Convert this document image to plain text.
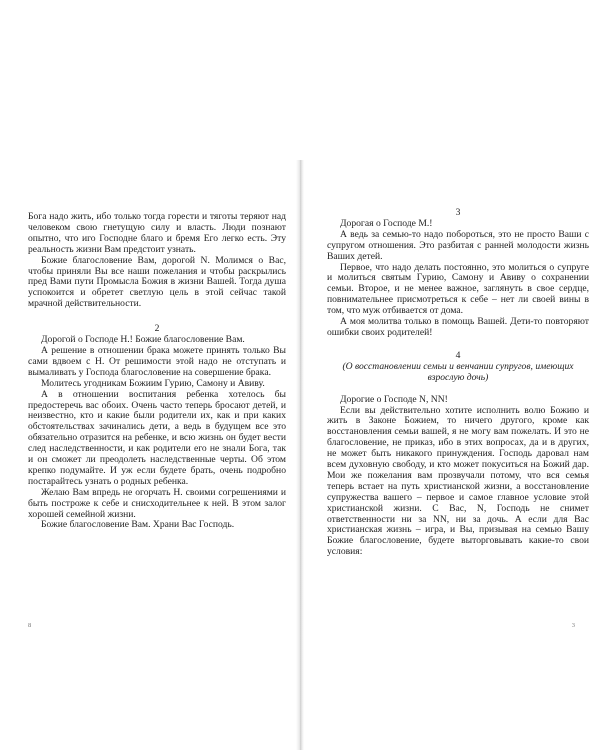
Бога надо жить, ибо только тогда горести и тяготы теряют над человеком свою гнетущую силу и власть. Люди познают опытно, что иго Господне благо и бремя Его легко есть. Эту реальность жизни Вам предстоит узнать.

Божие благословение Вам, дорогой N. Молимся о Вас, чтобы приняли Вы все наши пожелания и чтобы раскрылись пред Вами пути Промысла Божия в жизни Вашей. Тогда душа успокоится и обретет светлую цель в этой сейчас такой мрачной действительности.

2

Дорогой о Господе Н.! Божие благословение Вам.

А решение в отношении брака можете принять только Вы сами вдвоем с Н. От решимости этой надо не отступать и вымаливать у Господа благословение на совершение брака.

Молитесь угодникам Божиим Гурию, Самону и Авиву.

А в отношении воспитания ребенка хотелось бы предостеречь вас обоих. Очень часто теперь бросают детей, и неизвестно, кто и какие были родители их, как и при каких обстоятельствах зачинались дети, а ведь в будущем все это обязательно отразится на ребенке, и всю жизнь он будет вести след наследственности, и как родители его не знали Бога, так и он сможет ли преодолеть наследственные черты. Об этом крепко подумайте. И уж если будете брать, очень подробно постарайтесь узнать о родных ребенка.

Желаю Вам впредь не огорчать Н. своими согрешениями и быть построже к себе и снисходительнее к ней. В этом залог хорошей семейной жизни.

Божие благословение Вам. Храни Вас Господь.

8

3

Дорогая о Господе М.!

А ведь за семью-то надо побороться, это не просто Ваши с супругом отношения. Это разбитая с ранней молодости жизнь Ваших детей.

Первое, что надо делать постоянно, это молиться о супруге и молиться святым Гурию, Самону и Авиву о сохранении семьи. Второе, и не менее важное, заглянуть в свое сердце, повнимательнее присмотреться к себе – нет ли своей вины в том, что муж отбивается от дома.

А моя молитва только в помощь Вашей. Дети-то повторяют ошибки своих родителей!

4

(О восстановлении семьи и венчании супругов, имеющих взрослую дочь)

Дорогие о Господе N, NN!

Если вы действительно хотите исполнить волю Божию и жить в Законе Божием, то ничего другого, кроме как восстановления семьи вашей, я не могу вам пожелать. И это не благословение, не приказ, ибо в этих вопросах, да и в других, не может быть никакого принуждения. Господь даровал нам всем духовную свободу, и кто может покуситься на Божий дар. Мои же пожелания вам прозвучали потому, что вся семья теперь встает на путь христианской жизни, а восстановление супружества вашего – первое и самое главное условие этой христианской жизни. С Вас, N, Господь не снимет ответственности ни за NN, ни за дочь. А если для Вас христианская жизнь – игра, и Вы, призывая на семью Вашу Божие благословение, будете выторговывать какие-то свои условия:

3
